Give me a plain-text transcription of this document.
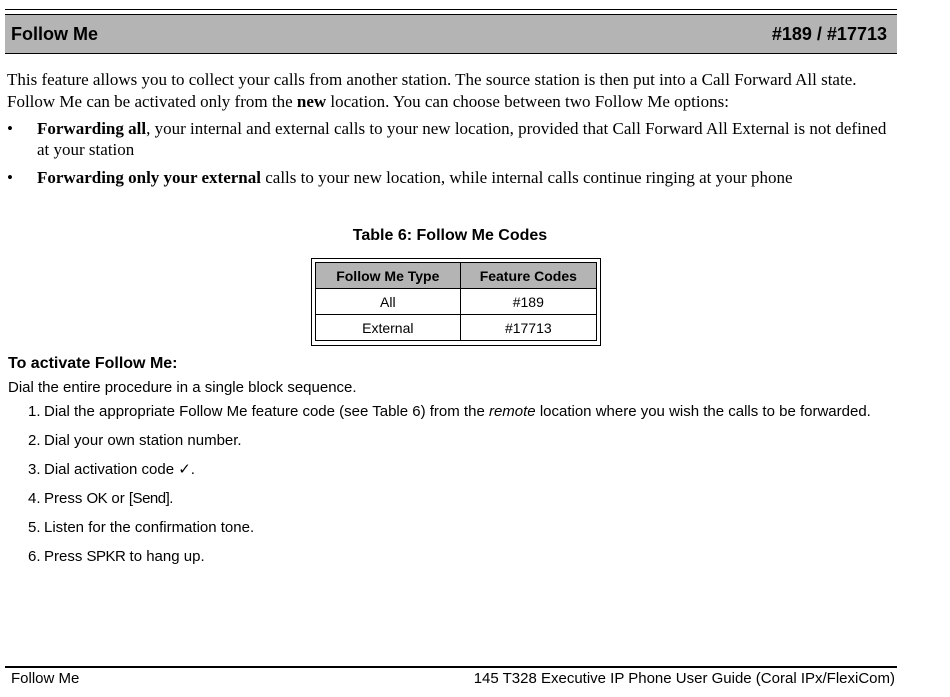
Follow Me	#189 / #17713

This feature allows you to collect your calls from another station. The source station is then put into a Call Forward All state. Follow Me can be activated only from the new location. You can choose between two Follow Me options:

• Forwarding all, your internal and external calls to your new location, provided that Call Forward All External is not defined at your station
• Forwarding only your external calls to your new location, while internal calls continue ringing at your phone
Table 6: Follow Me Codes
Follow Me Type	Feature Codes
All	#189
External	#17713

To activate Follow Me:

Dial the entire procedure in a single block sequence.

1. Dial the appropriate Follow Me feature code (see Table 6) from the remote location where you wish the calls to be forwarded.
2. Dial your own station number.
3. Dial activation code ✓.
4. Press OK or [Send].
5. Listen for the confirmation tone.
6. Press SPKR to hang up.
Follow Me	145 T328 Executive IP Phone User Guide (Coral IPx/FlexiCom)
